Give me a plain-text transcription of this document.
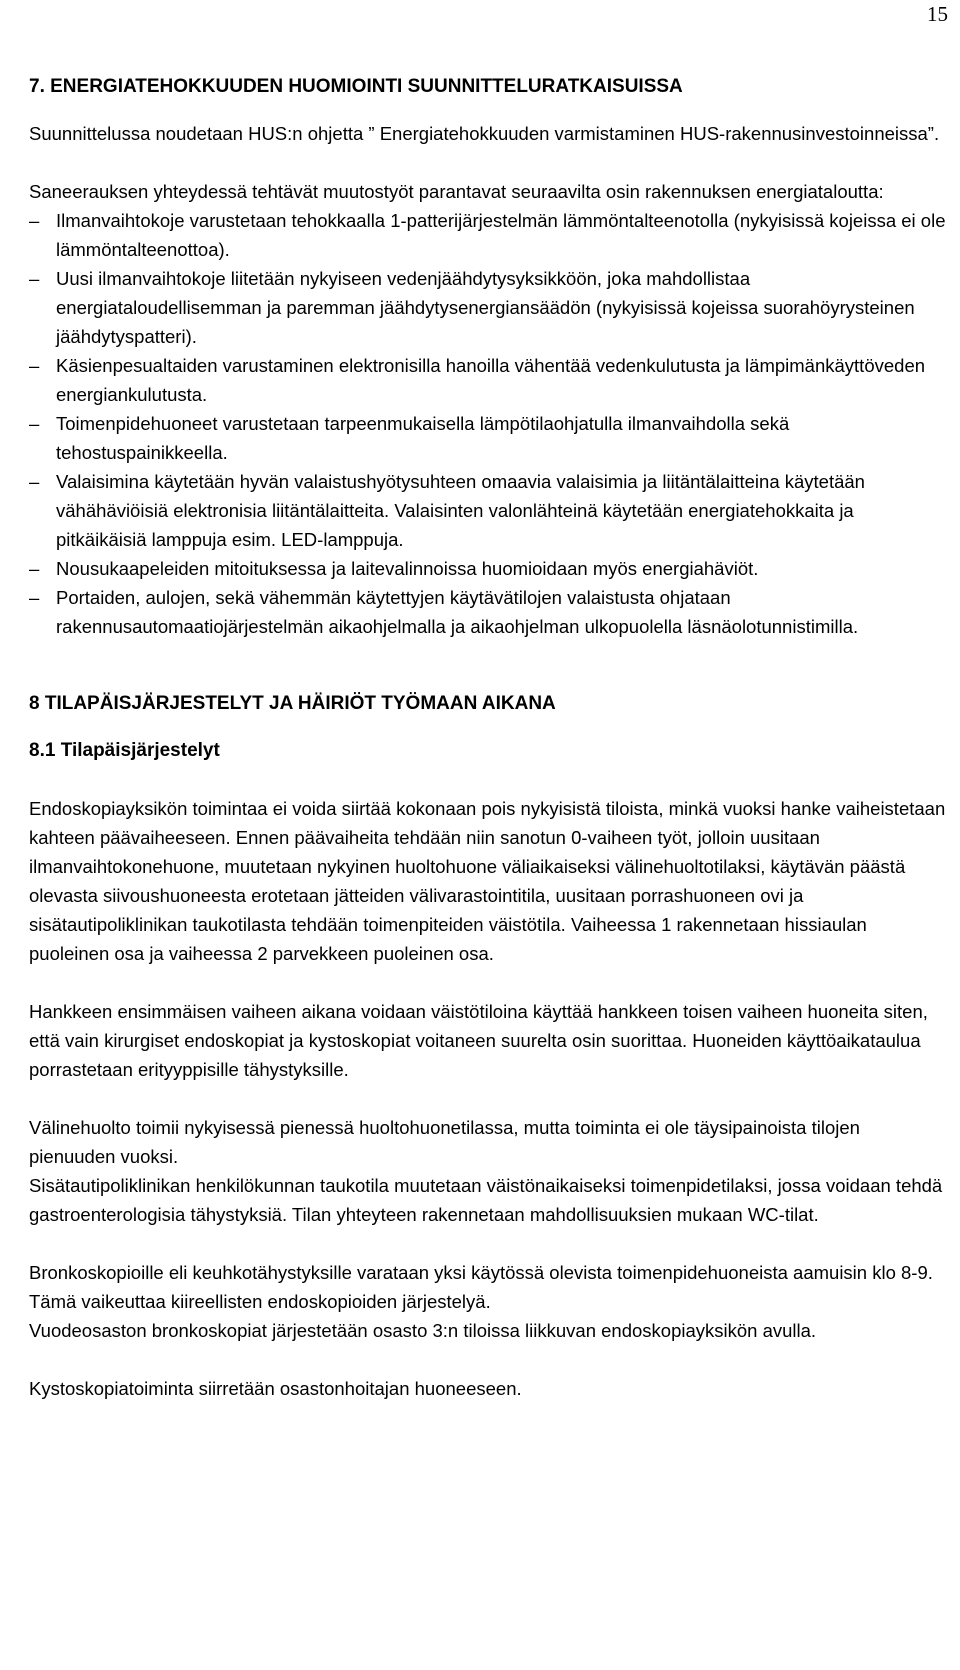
15
7. ENERGIATEHOKKUUDEN HUOMIOINTI SUUNNITTELURATKAISUISSA

Suunnittelussa noudetaan HUS:n ohjetta ” Energiatehokkuuden varmistaminen HUS-rakennusinvestoinneissa”.

Saneerauksen yhteydessä tehtävät muutostyöt parantavat seuraavilta osin rakennuksen energiataloutta:

– Ilmanvaihtokoje varustetaan tehokkaalla 1-patterijärjestelmän lämmöntalteenotolla (nykyisissä kojeissa ei ole lämmöntalteenottoa).
– Uusi ilmanvaihtokoje liitetään nykyiseen vedenjäähdytysyksikköön, joka mahdollistaa energiataloudellisemman ja paremman jäähdytysenergiansäädön (nykyisissä kojeissa suorahöyrysteinen jäähdytyspatteri).
– Käsienpesualtaiden varustaminen elektronisilla hanoilla vähentää vedenkulutusta ja lämpimänkäyttöveden energiankulutusta.
– Toimenpidehuoneet varustetaan tarpeenmukaisella lämpötilaohjatulla ilmanvaihdolla sekä tehostuspainikkeella.
– Valaisimina käytetään hyvän valaistushyötysuhteen omaavia valaisimia ja liitäntälaitteina käytetään vähähäviöisiä elektronisia liitäntälaitteita. Valaisinten valonlähteinä käytetään energiatehokkaita ja pitkäikäisiä lamppuja esim. LED-lamppuja.
– Nousukaapeleiden mitoituksessa ja laitevalinnoissa huomioidaan myös energiahäviöt.
– Portaiden, aulojen, sekä vähemmän käytettyjen käytävätilojen valaistusta ohjataan rakennusautomaatiojärjestelmän aikaohjelmalla ja aikaohjelman ulkopuolella läsnäolotunnistimilla.
8 TILAPÄISJÄRJESTELYT JA HÄIRIÖT TYÖMAAN AIKANA
8.1 Tilapäisjärjestelyt

Endoskopiayksikön toimintaa ei voida siirtää kokonaan pois nykyisistä tiloista, minkä vuoksi hanke vaiheistetaan kahteen päävaiheeseen. Ennen päävaiheita tehdään niin sanotun 0-vaiheen työt, jolloin uusitaan ilmanvaihtokonehuone, muutetaan nykyinen huoltohuone väliaikaiseksi välinehuoltotilaksi, käytävän päästä olevasta siivoushuoneesta erotetaan jätteiden välivarastointitila, uusitaan porrashuoneen ovi ja sisätautipoliklinikan taukotilasta tehdään toimenpiteiden väistötila. Vaiheessa 1 rakennetaan hissiaulan puoleinen osa ja vaiheessa 2 parvekkeen puoleinen osa.

Hankkeen ensimmäisen vaiheen aikana voidaan väistötiloina käyttää hankkeen toisen vaiheen huoneita siten, että vain kirurgiset endoskopiat ja kystoskopiat voitaneen suurelta osin suorittaa. Huoneiden käyttöaikataulua porrastetaan erityyppisille tähystyksille.

Välinehuolto toimii nykyisessä pienessä huoltohuonetilassa, mutta toiminta ei ole täysipainoista tilojen pienuuden vuoksi.

Sisätautipoliklinikan henkilökunnan taukotila muutetaan väistönaikaiseksi toimenpidetilaksi, jossa voidaan tehdä gastroenterologisia tähystyksiä. Tilan yhteyteen rakennetaan mahdollisuuksien mukaan WC-tilat.

Bronkoskopioille eli keuhkotähystyksille varataan yksi käytössä olevista toimenpidehuoneista aamuisin klo 8-9. Tämä vaikeuttaa kiireellisten endoskopioiden järjestelyä.

Vuodeosaston bronkoskopiat järjestetään osasto 3:n tiloissa liikkuvan endoskopiayksikön avulla.

Kystoskopiatoiminta siirretään osastonhoitajan huoneeseen.
